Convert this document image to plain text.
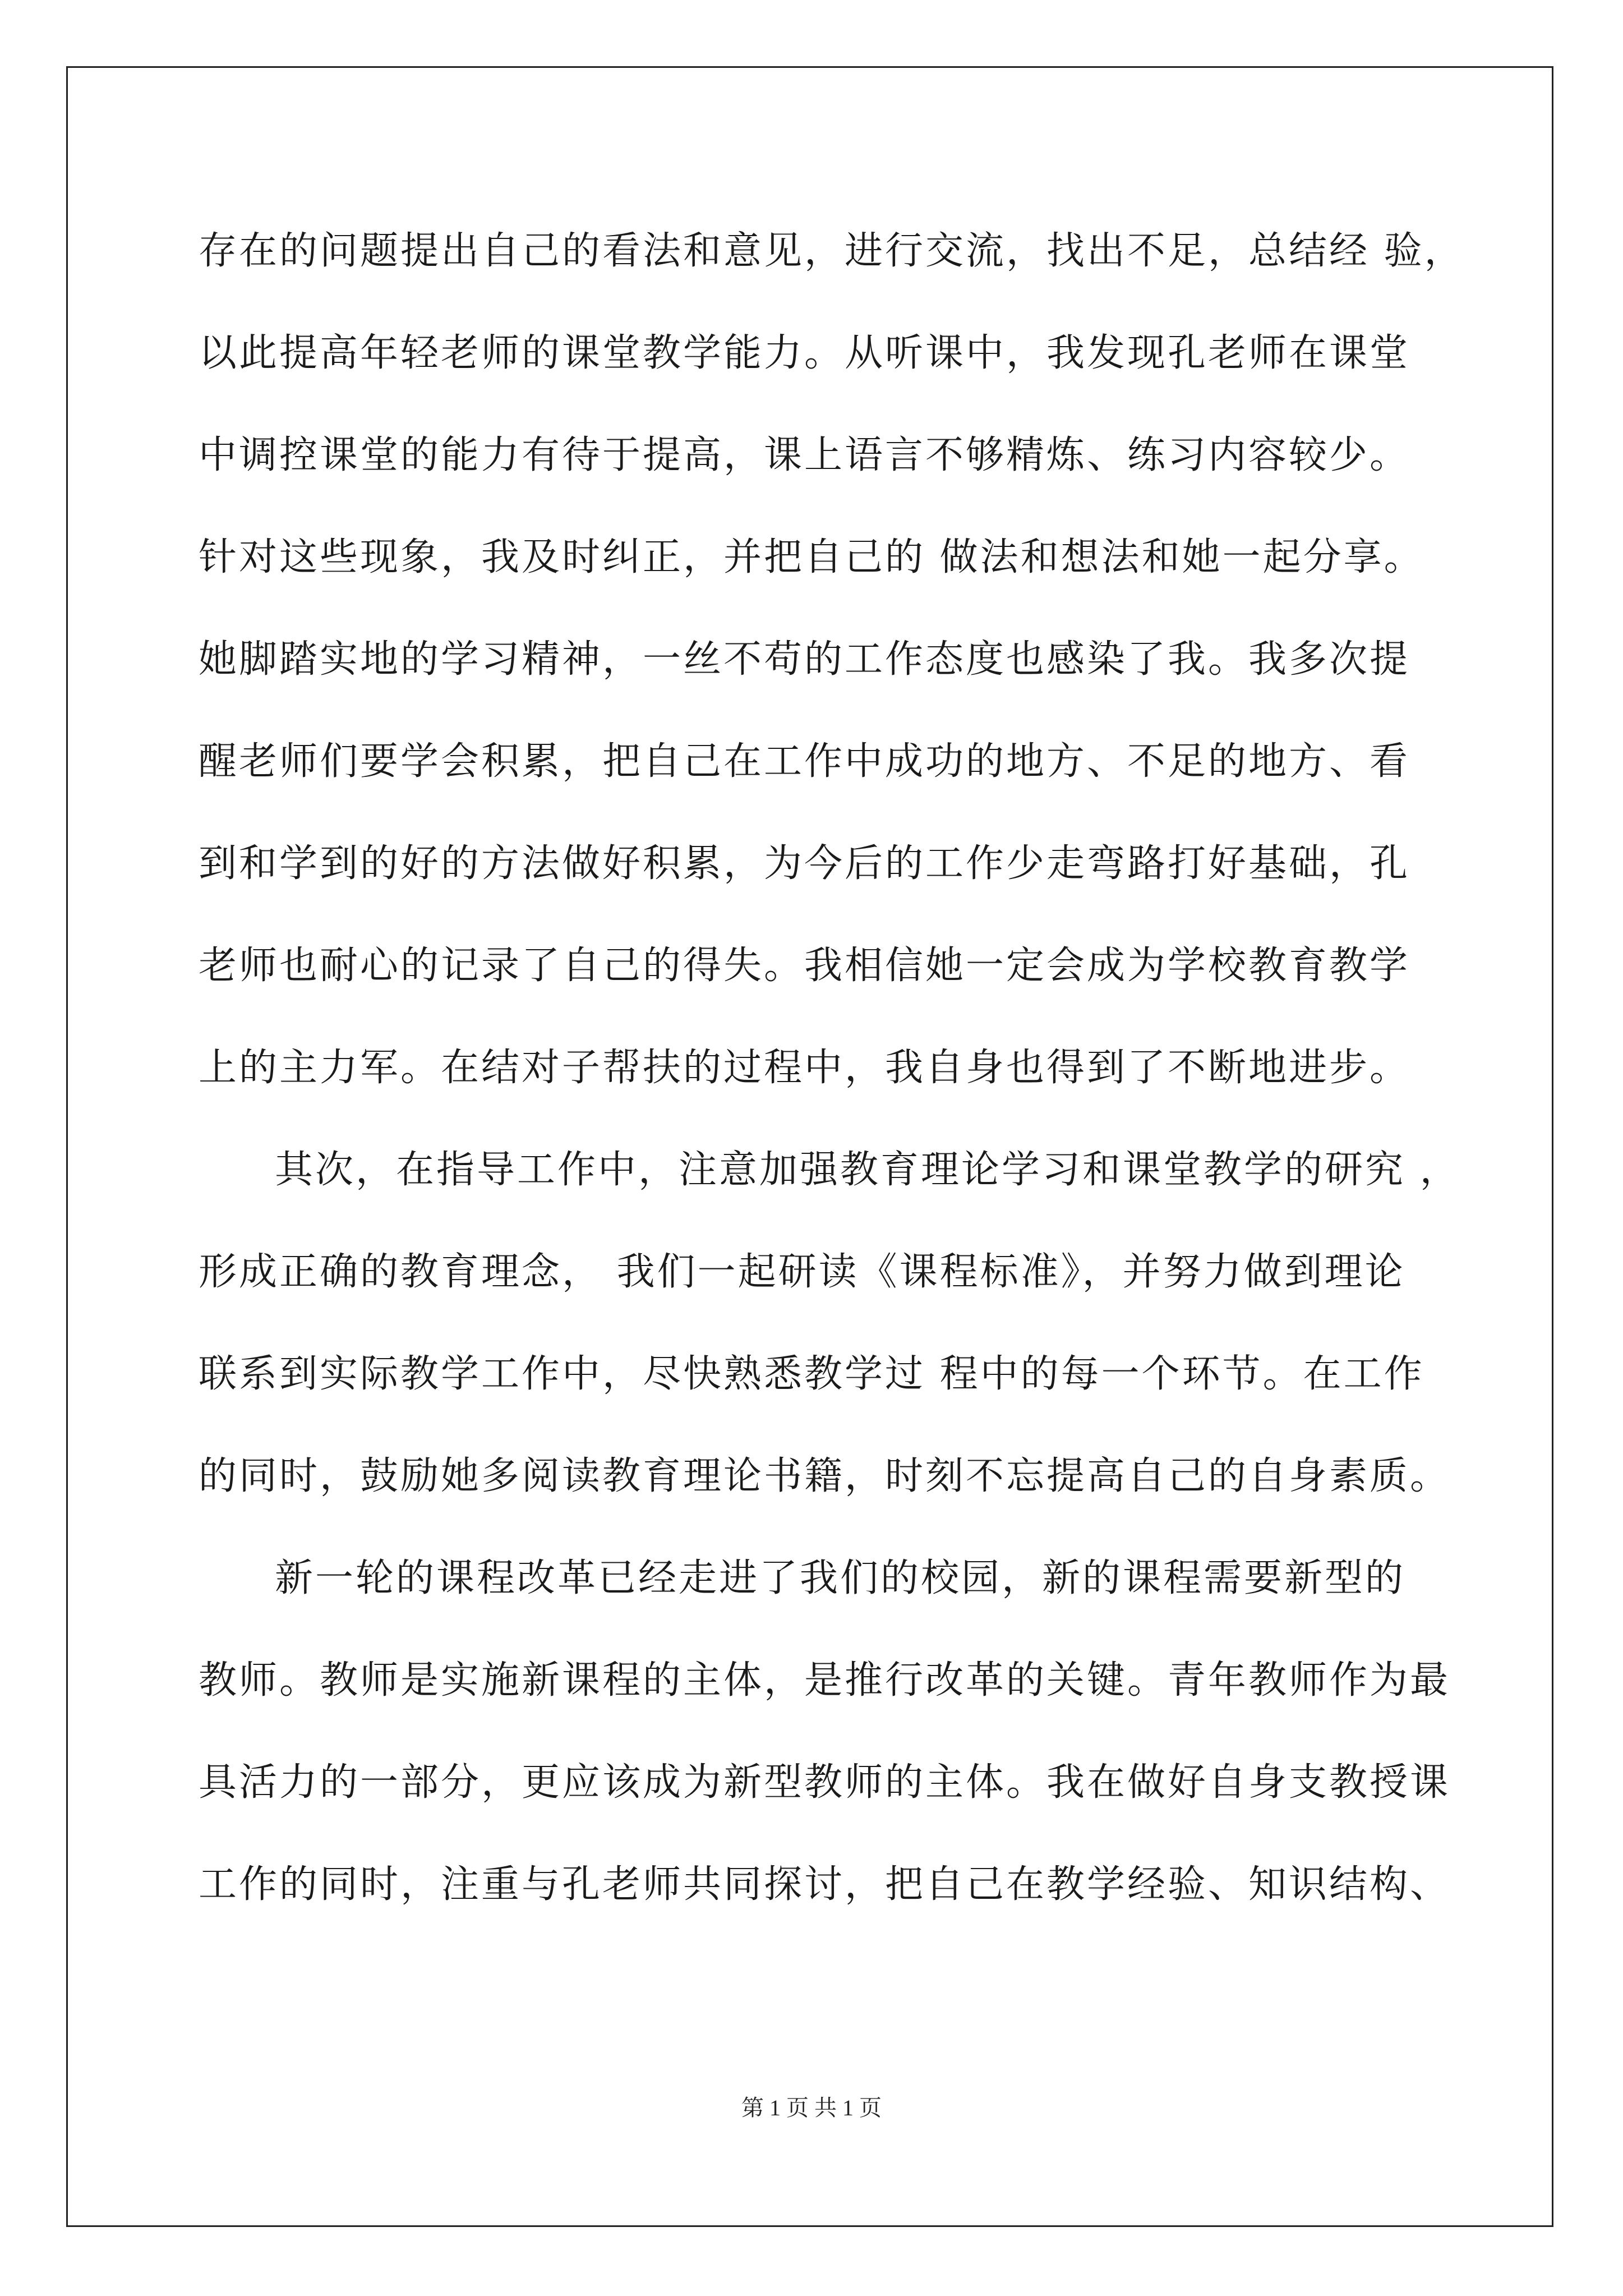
存在的问题提出自己的看法和意见，进行交流，找出不足，总结经 验，
以此提高年轻老师的课堂教学能力。从听课中，我发现孔老师在课堂
中调控课堂的能力有待于提高，课上语言不够精炼、练习内容较少。
针对这些现象，我及时纠正，并把自己的 做法和想法和她一起分享。
她脚踏实地的学习精神，一丝不苟的工作态度也感染了我。我多次提
醒老师们要学会积累，把自己在工作中成功的地方、不足的地方、看
到和学到的好的方法做好积累，为今后的工作少走弯路打好基础，孔
老师也耐心的记录了自己的得失。我相信她一定会成为学校教育教学
上的主力军。在结对子帮扶的过程中，我自身也得到了不断地进步。
其次，在指导工作中，注意加强教育理论学习和课堂教学的研究 ，
形成正确的教育理念， 我们一起研读《课程标准》，并努力做到理论
联系到实际教学工作中，尽快熟悉教学过 程中的每一个环节。在工作
的同时，鼓励她多阅读教育理论书籍，时刻不忘提高自己的自身素质。
新一轮的课程改革已经走进了我们的校园，新的课程需要新型的
教师。教师是实施新课程的主体，是推行改革的关键。青年教师作为最
具活力的一部分，更应该成为新型教师的主体。我在做好自身支教授课
工作的同时，注重与孔老师共同探讨，把自己在教学经验、知识结构、
第 1 页 共 1 页
